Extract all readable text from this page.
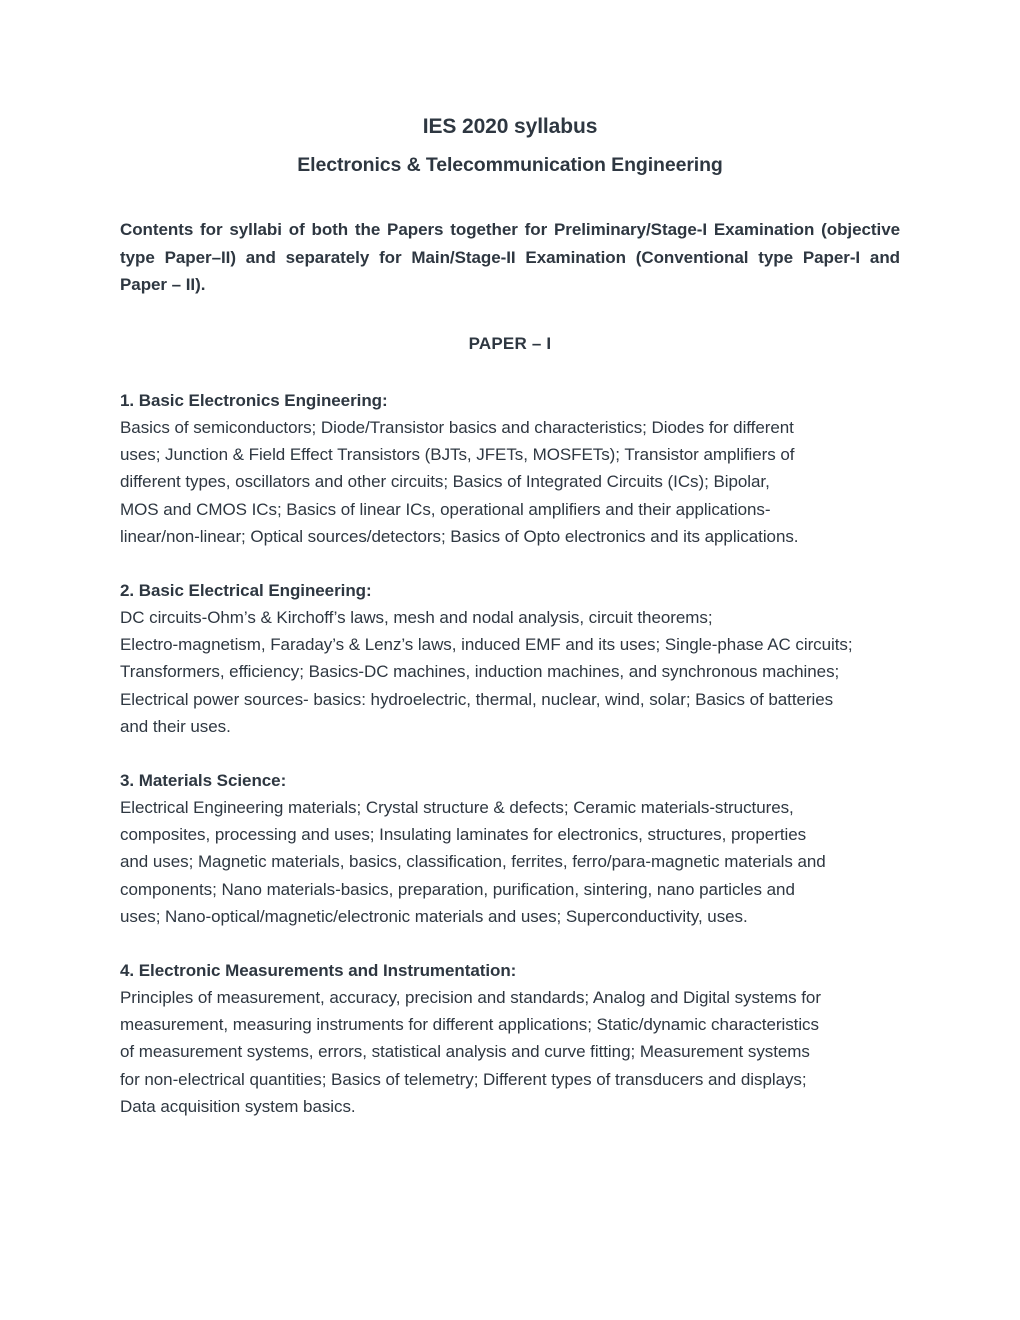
IES 2020 syllabus
Electronics & Telecommunication Engineering

Contents for syllabi of both the Papers together for Preliminary/Stage-I Examination (objective type Paper–II) and separately for Main/Stage-II Examination (Conventional type Paper-I and Paper – II).

PAPER – I
1. Basic Electronics Engineering:
Basics of semiconductors; Diode/Transistor basics and characteristics; Diodes for different
uses; Junction & Field Effect Transistors (BJTs, JFETs, MOSFETs); Transistor amplifiers of
different types, oscillators and other circuits; Basics of Integrated Circuits (ICs); Bipolar,
MOS and CMOS ICs; Basics of linear ICs, operational amplifiers and their applications-
linear/non-linear; Optical sources/detectors; Basics of Opto electronics and its applications.
2. Basic Electrical Engineering:
DC circuits-Ohm’s & Kirchoff’s laws, mesh and nodal analysis, circuit theorems;
Electro-magnetism, Faraday’s & Lenz’s laws, induced EMF and its uses; Single-phase AC circuits;
Transformers, efficiency; Basics-DC machines, induction machines, and synchronous machines;
Electrical power sources- basics: hydroelectric, thermal, nuclear, wind, solar; Basics of batteries
and their uses.
3. Materials Science:
Electrical Engineering materials; Crystal structure & defects; Ceramic materials-structures,
composites, processing and uses; Insulating laminates for electronics, structures, properties
and uses; Magnetic materials, basics, classification, ferrites, ferro/para-magnetic materials and
components; Nano materials-basics, preparation, purification, sintering, nano particles and
uses; Nano-optical/magnetic/electronic materials and uses; Superconductivity, uses.
4. Electronic Measurements and Instrumentation:
Principles of measurement, accuracy, precision and standards; Analog and Digital systems for
measurement, measuring instruments for different applications; Static/dynamic characteristics
of measurement systems, errors, statistical analysis and curve fitting; Measurement systems
for non-electrical quantities; Basics of telemetry; Different types of transducers and displays;
Data acquisition system basics.
